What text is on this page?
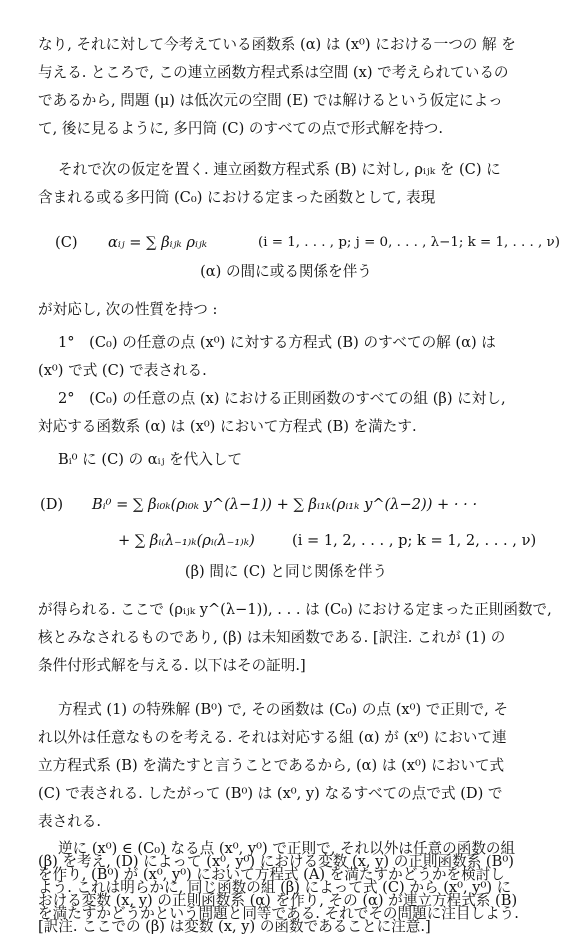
なり, それに対して今考えている函数系 (α) は (x⁰) における一つの 解 を
与える. ところで, この連立函数方程式系は空間 (x) で考えられているの
であるから, 問題 (μ) は低次元の空間 (E) では解けるという仮定によっ
て, 後に見るように, 多円筒 (C) のすべての点で形式解を持つ.
それで次の仮定を置く. 連立函数方程式系 (B) に対し, ρᵢⱼₖ を (C) に
含まれる或る多円筒 (C₀) における定まった函数として, 表現
(C) αᵢⱼ = ∑ βᵢⱼₖ ρᵢⱼₖ	(i = 1, . . . , p; j = 0, . . . , λ−1; k = 1, . . . , ν)
(α) の間に或る関係を伴う
が対応し, 次の性質を持つ :
1°　(C₀) の任意の点 (x⁰) に対する方程式 (B) のすべての解 (α) は
(x⁰) で式 (C) で表される.
2°　(C₀) の任意の点 (x) における正則函数のすべての組 (β) に対し,
対応する函数系 (α) は (x⁰) において方程式 (B) を満たす.
Bᵢ⁰ に (C) の αᵢⱼ を代入して
(D) Bᵢ⁰ = ∑ βᵢ₀ₖ(ρᵢ₀ₖ y^(λ−1)) + ∑ βᵢ₁ₖ(ρᵢ₁ₖ y^(λ−2)) + · · ·
+ ∑ βᵢ₍λ₋₁₎ₖ(ρᵢ₍λ₋₁₎ₖ)	(i = 1, 2, . . . , p; k = 1, 2, . . . , ν)
(β) 間に (C) と同じ関係を伴う
が得られる. ここで (ρᵢⱼₖ y^(λ−1)), . . . は (C₀) における定まった正則函数で,
核とみなされるものであり, (β) は未知函数である. [訳注. これが (1) の
条件付形式解を与える. 以下はその証明.]
方程式 (1) の特殊解 (B⁰) で, その函数は (C₀) の点 (x⁰) で正則で, そ
れ以外は任意なものを考える. それは対応する組 (α) が (x⁰) において連
立方程式系 (B) を満たすと言うことであるから, (α) は (x⁰) において式
(C) で表される. したがって (B⁰) は (x⁰, y) なるすべての点で式 (D) で
表される.
逆に (x⁰) ∈ (C₀) なる点 (x⁰, y⁰) で正則で, それ以外は任意の函数の組
(β) を考え, (D) によって (x⁰, y⁰) における変数 (x, y) の正則函数系 (B⁰)
を作り, (B⁰) が (x⁰, y⁰) において方程式 (A) を満たすかどうかを検討し
よう. これは明らかに, 同じ函数の組 (β) によって式 (C) から (x⁰, y⁰) に
おける変数 (x, y) の正則函数系 (α) を作り, その (α) が連立方程式系 (B)
を満たすかどうかという問題と同等である. それでその問題に注目しよう.
[訳注. ここでの (β) は変数 (x, y) の函数であることに注意.]
